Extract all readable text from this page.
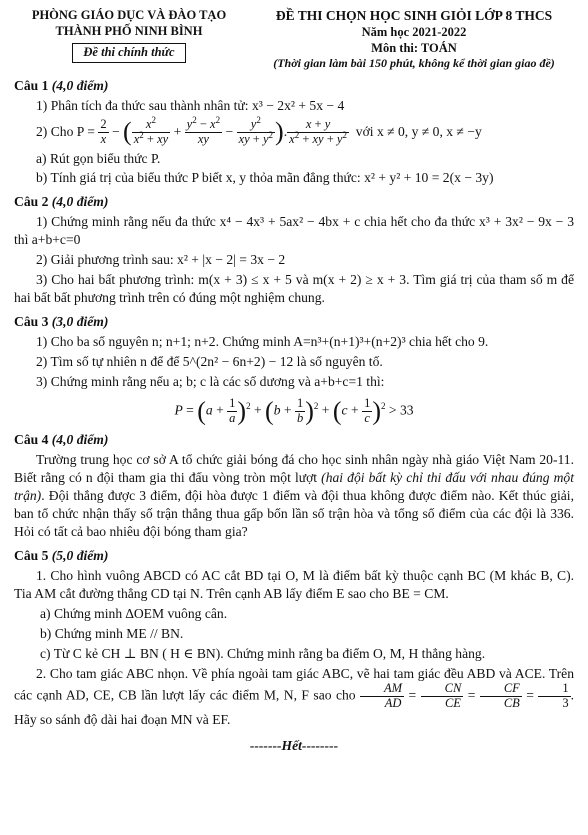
PHÒNG GIÁO DỤC VÀ ĐÀO TẠO
THÀNH PHỐ NINH BÌNH
Đề thi chính thức
ĐỀ THI CHỌN HỌC SINH GIỎI LỚP 8 THCS
Năm học 2021-2022
Môn thi: TOÁN
(Thời gian làm bài 150 phút, không kể thời gian giao đề)
Câu 1 (4,0 điểm)

1) Phân tích đa thức sau thành nhân tử: x³ − 2x² + 5x − 4

2) Cho P =
$\frac{2}{x}$ − ( $\frac{x^2}{x^2 + xy} + \frac{y^2 - x^2}{xy} - \frac{y^2}{xy + y^2}$ ) . $\frac{x + y}{x^2 + xy + y^2}$
với x ≠ 0, y ≠ 0, x ≠ −y

a) Rút gọn biểu thức P.

b) Tính giá trị của biểu thức P biết x, y thỏa mãn đẳng thức: x² + y² + 10 = 2(x − 3y)

Câu 2 (4,0 điểm)

1) Chứng minh rằng nếu đa thức x⁴ − 4x³ + 5ax² − 4bx + c chia hết cho đa thức x³ + 3x² − 9x − 3 thì a+b+c=0

2) Giải phương trình sau: x² + |x − 2| = 3x − 2

3) Cho hai bất phương trình: m(x + 3) ≤ x + 5 và m(x + 2) ≥ x + 3. Tìm giá trị của tham số m để hai bất bất phương trình trên có đúng một nghiệm chung.

Câu 3 (3,0 điểm)

1) Cho ba số nguyên n; n+1; n+2. Chứng minh A=n³+(n+1)³+(n+2)³ chia hết cho 9.

2) Tìm số tự nhiên n để để 5^(2n² − 6n+2) − 12 là số nguyên tố.

3) Chứng minh rằng nếu a; b; c là các số dương và a+b+c=1 thì:

$P = (a + \frac{1}{a} )^2 + (b + \frac{1}{b} )^2 + (c + \frac{1}{c} )^2 > 33$
Câu 4 (4,0 điểm)

Trường trung học cơ sở A tổ chức giải bóng đá cho học sinh nhân ngày nhà giáo Việt Nam 20-11. Biết rằng có n đội tham gia thi đấu vòng tròn một lượt (hai đội bất kỳ chỉ thi đấu với nhau đúng một trận). Đội thắng được 3 điểm, đội hòa được 1 điểm và đội thua không được điểm nào. Kết thúc giải, ban tổ chức nhận thấy số trận thắng thua gấp bốn lần số trận hòa và tổng số điểm của các đội là 336. Hỏi có tất cả bao nhiêu đội bóng tham gia?

Câu 5 (5,0 điểm)

1. Cho hình vuông ABCD có AC cắt BD tại O, M là điểm bất kỳ thuộc cạnh BC (M khác B, C). Tia AM cắt đường thẳng CD tại N. Trên cạnh AB lấy điểm E sao cho BE = CM.

a) Chứng minh ∆OEM vuông cân.

b) Chứng minh ME // BN.

c) Từ C kẻ CH ⊥ BN ( H ∈ BN). Chứng minh rằng ba điểm O, M, H thẳng hàng.

2. Cho tam giác ABC nhọn. Về phía ngoài tam giác ABC, vẽ hai tam giác đều ABD và ACE. Trên các cạnh AD, CE, CB lần lượt lấy các điểm M, N, F sao cho $\frac{AM}{AD} = \frac{CN}{CE} = \frac{CF}{CB} = \frac{1}{3}$ . Hãy so sánh độ dài hai đoạn MN và EF.

-------Hết--------
